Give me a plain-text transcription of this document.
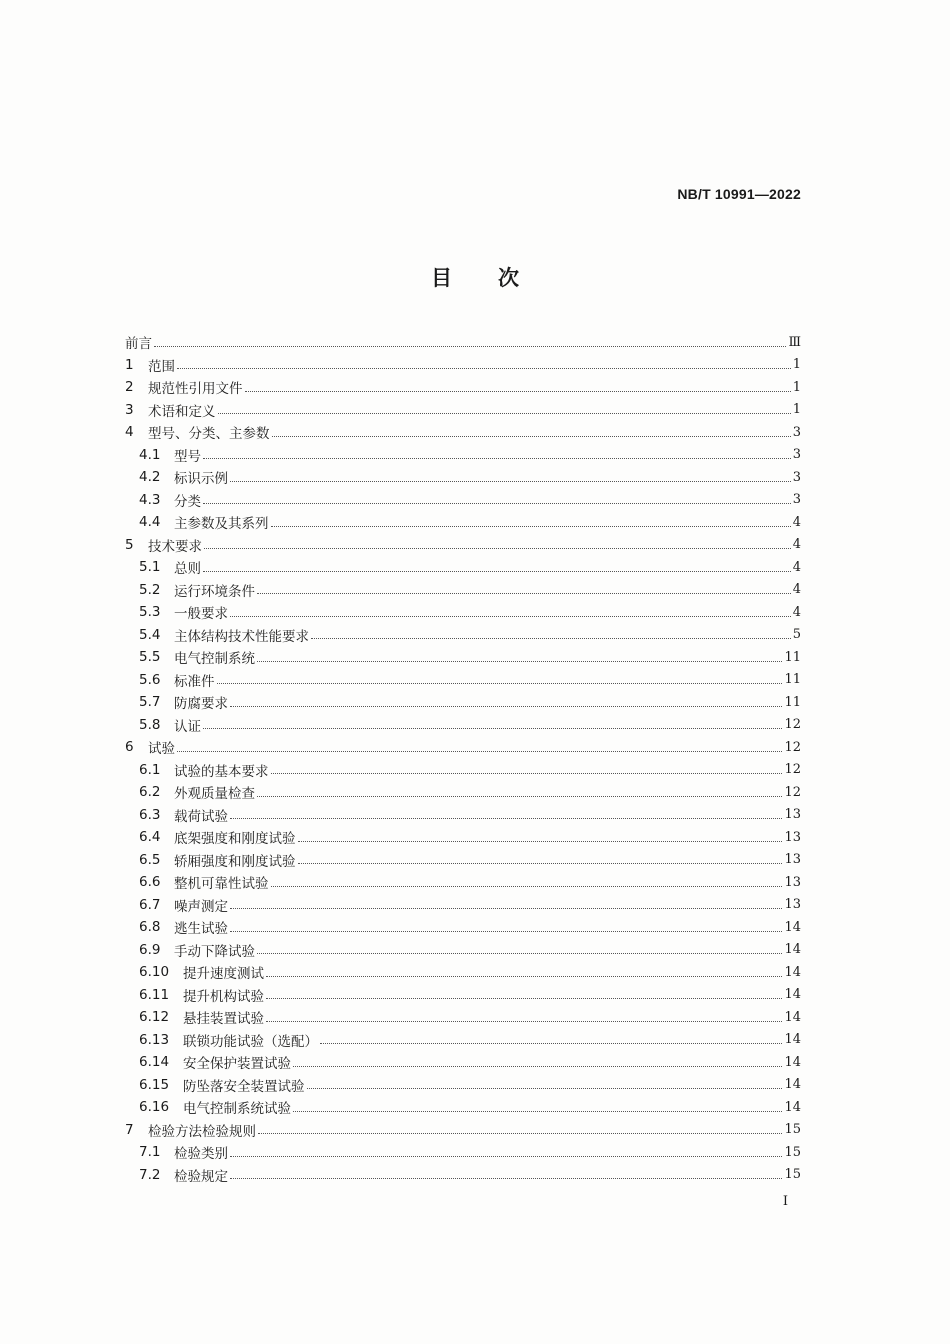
NB/T 10991—2022
目次
前言	Ⅲ
1	范围	1
2	规范性引用文件	1
3	术语和定义	1
4	型号、分类、主参数	3
4.1	型号	3
4.2	标识示例	3
4.3	分类	3
4.4	主参数及其系列	4
5	技术要求	4
5.1	总则	4
5.2	运行环境条件	4
5.3	一般要求	4
5.4	主体结构技术性能要求	5
5.5	电气控制系统	11
5.6	标准件	11
5.7	防腐要求	11
5.8	认证	12
6	试验	12
6.1	试验的基本要求	12
6.2	外观质量检查	12
6.3	载荷试验	13
6.4	底架强度和刚度试验	13
6.5	轿厢强度和刚度试验	13
6.6	整机可靠性试验	13
6.7	噪声测定	13
6.8	逃生试验	14
6.9	手动下降试验	14
6.10	提升速度测试	14
6.11	提升机构试验	14
6.12	悬挂装置试验	14
6.13	联锁功能试验（选配）	14
6.14	安全保护装置试验	14
6.15	防坠落安全装置试验	14
6.16	电气控制系统试验	14
7	检验方法检验规则	15
7.1	检验类别	15
7.2	检验规定	15
I
